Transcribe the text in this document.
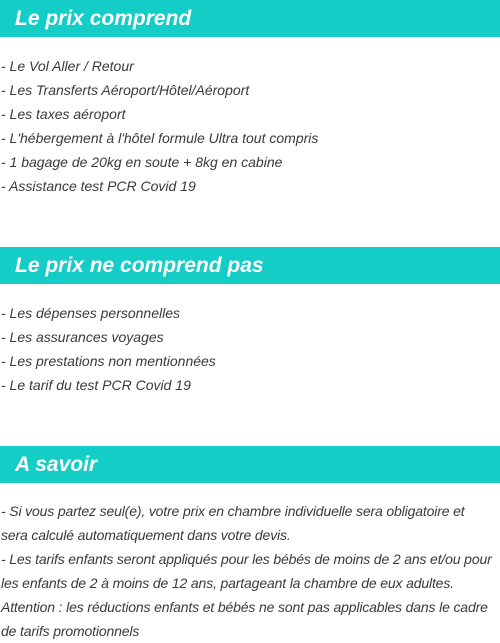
Le prix comprend
- Le Vol Aller / Retour
- Les Transferts Aéroport/Hôtel/Aéroport
- Les taxes aéroport
- L'hébergement à l'hôtel formule Ultra tout compris
- 1 bagage de 20kg en soute + 8kg en cabine
- Assistance test PCR Covid 19
Le prix ne comprend pas
- Les dépenses personnelles
- Les assurances voyages
- Les prestations non mentionnées
- Le tarif du test PCR Covid 19
A savoir

- Si vous partez seul(e), votre prix en chambre individuelle sera obligatoire et

sera calculé automatiquement dans votre devis.

- Les tarifs enfants seront appliqués pour les bébés de moins de 2 ans et/ou pour

les enfants de 2 à moins de 12 ans, partageant la chambre de eux adultes.

Attention : les réductions enfants et bébés ne sont pas applicables dans le cadre

de tarifs promotionnels
